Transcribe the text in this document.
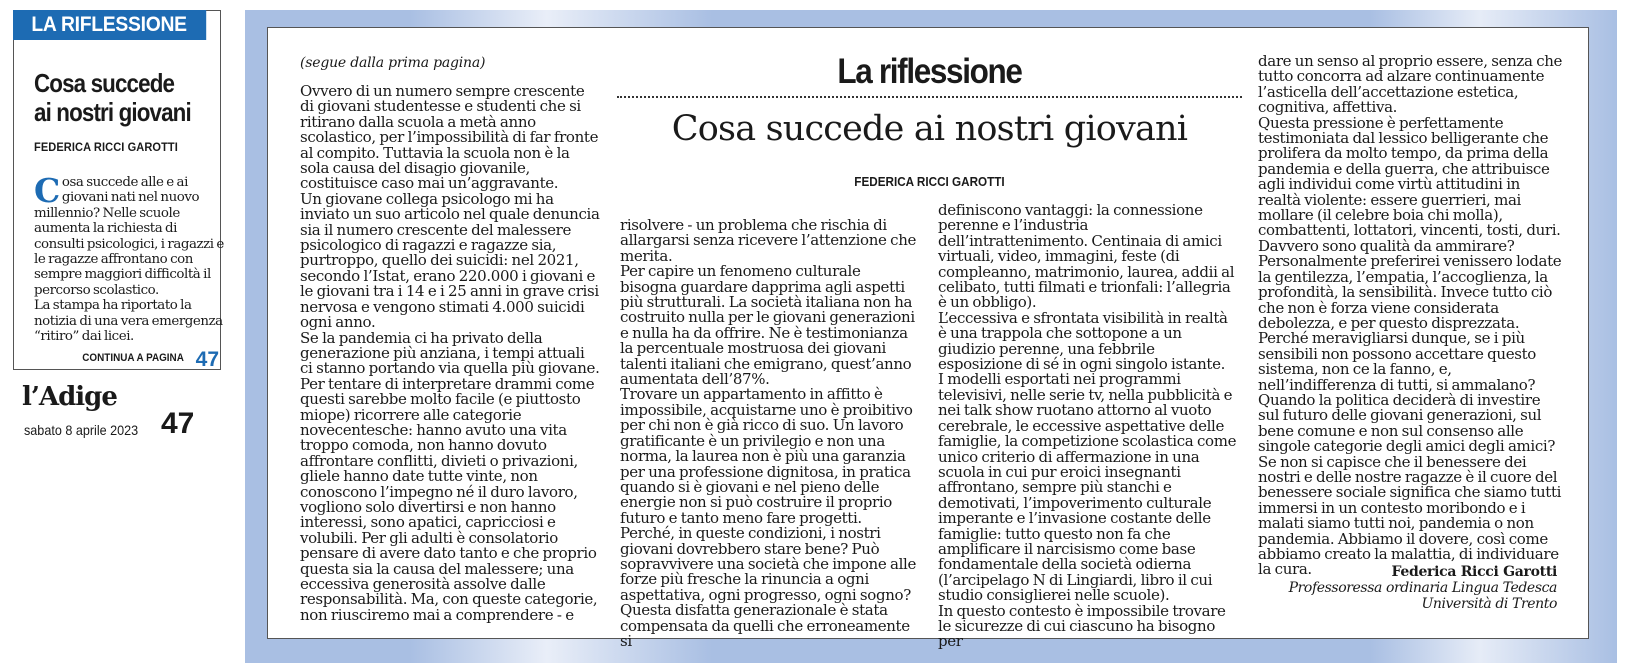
LA RIFLESSIONE
Cosa succede ai nostri giovani
FEDERICA RICCI GAROTTI

Cosa succede alle e ai giovani nati nel nuovo millennio? Nelle scuole aumenta la richiesta di consulti psicologici, i ragazzi e le ragazze affrontano con sempre maggiori difficoltà il percorso scolastico.

La stampa ha riportato la notizia di una vera emergenza “ritiro” dai licei.

CONTINUA A PAGINA 47
l’Adige
sabato 8 aprile 2023 47
(segue dalla prima pagina)	La riflessione
Cosa succede ai nostri giovani
FEDERICA RICCI GAROTTI

Ovvero di un numero sempre crescente di giovani studentesse e studenti che si ritirano dalla scuola a metà anno scolastico, per l’impossibilità di far fronte al compito. Tuttavia la scuola non è la sola causa del disagio giovanile, costituisce caso mai un’aggravante.

Un giovane collega psicologo mi ha inviato un suo articolo nel quale denuncia sia il numero crescente del malessere psicologico di ragazzi e ragazze sia, purtroppo, quello dei suicidi: nel 2021, secondo l’Istat, erano 220.000 i giovani e le giovani tra i 14 e i 25 anni in grave crisi nervosa e vengono stimati 4.000 suicidi ogni anno.

Se la pandemia ci ha privato della generazione più anziana, i tempi attuali ci stanno portando via quella più giovane.

Per tentare di interpretare drammi come questi sarebbe molto facile (e piuttosto miope) ricorrere alle categorie novecentesche: hanno avuto una vita troppo comoda, non hanno dovuto affrontare conflitti, divieti o privazioni, gliele hanno date tutte vinte, non conoscono l’impegno né il duro lavoro, vogliono solo divertirsi e non hanno interessi, sono apatici, capricciosi e volubili. Per gli adulti è consolatorio pensare di avere dato tanto e che proprio questa sia la causa del malessere; una eccessiva generosità assolve dalle responsabilità. Ma, con queste categorie, non riusciremo mai a comprendere - e

risolvere - un problema che rischia di allargarsi senza ricevere l’attenzione che merita.

Per capire un fenomeno culturale bisogna guardare dapprima agli aspetti più strutturali. La società italiana non ha costruito nulla per le giovani generazioni e nulla ha da offrire. Ne è testimonianza la percentuale mostruosa dei giovani talenti italiani che emigrano, quest’anno aumentata dell’87%.

Trovare un appartamento in affitto è impossibile, acquistarne uno è proibitivo per chi non è già ricco di suo. Un lavoro gratificante è un privilegio e non una norma, la laurea non è più una garanzia per una professione dignitosa, in pratica quando si è giovani e nel pieno delle energie non si può costruire il proprio futuro e tanto meno fare progetti. Perché, in queste condizioni, i nostri giovani dovrebbero stare bene? Può sopravvivere una società che impone alle forze più fresche la rinuncia a ogni aspettativa, ogni progresso, ogni sogno?

Questa disfatta generazionale è stata compensata da quelli che erroneamente si

definiscono vantaggi: la connessione perenne e l’industria dell’intrattenimento. Centinaia di amici virtuali, video, immagini, feste (di compleanno, matrimonio, laurea, addii al celibato, tutti filmati e trionfali: l’allegria è un obbligo).

L’eccessiva e sfrontata visibilità in realtà è una trappola che sottopone a un giudizio perenne, una febbrile esposizione di sé in ogni singolo istante.

I modelli esportati nei programmi televisivi, nelle serie tv, nella pubblicità e nei talk show ruotano attorno al vuoto cerebrale, le eccessive aspettative delle famiglie, la competizione scolastica come unico criterio di affermazione in una scuola in cui pur eroici insegnanti affrontano, sempre più stanchi e demotivati, l’impoverimento culturale imperante e l’invasione costante delle famiglie: tutto questo non fa che amplificare il narcisismo come base fondamentale della società odierna (l’arcipelago N di Lingiardi, libro il cui studio consiglierei nelle scuole).

In questo contesto è impossibile trovare le sicurezze di cui ciascuno ha bisogno per

dare un senso al proprio essere, senza che tutto concorra ad alzare continuamente l’asticella dell’accettazione estetica, cognitiva, affettiva.

Questa pressione è perfettamente testimoniata dal lessico belligerante che prolifera da molto tempo, da prima della pandemia e della guerra, che attribuisce agli individui come virtù attitudini in realtà violente: essere guerrieri, mai mollare (il celebre boia chi molla), combattenti, lottatori, vincenti, tosti, duri.

Davvero sono qualità da ammirare? Personalmente preferirei venissero lodate la gentilezza, l’empatia, l’accoglienza, la profondità, la sensibilità. Invece tutto ciò che non è forza viene considerata debolezza, e per questo disprezzata.

Perché meravigliarsi dunque, se i più sensibili non possono accettare questo sistema, non ce la fanno, e, nell’indifferenza di tutti, si ammalano?

Quando la politica deciderà di investire sul futuro delle giovani generazioni, sul bene comune e non sul consenso alle singole categorie degli amici degli amici?

Se non si capisce che il benessere dei nostri e delle nostre ragazze è il cuore del benessere sociale significa che siamo tutti immersi in un contesto moribondo e i malati siamo tutti noi, pandemia o non pandemia. Abbiamo il dovere, così come abbiamo creato la malattia, di individuare la cura.	Federica Ricci Garotti
Professoressa ordinaria Lingua Tedesca
Università di Trento
